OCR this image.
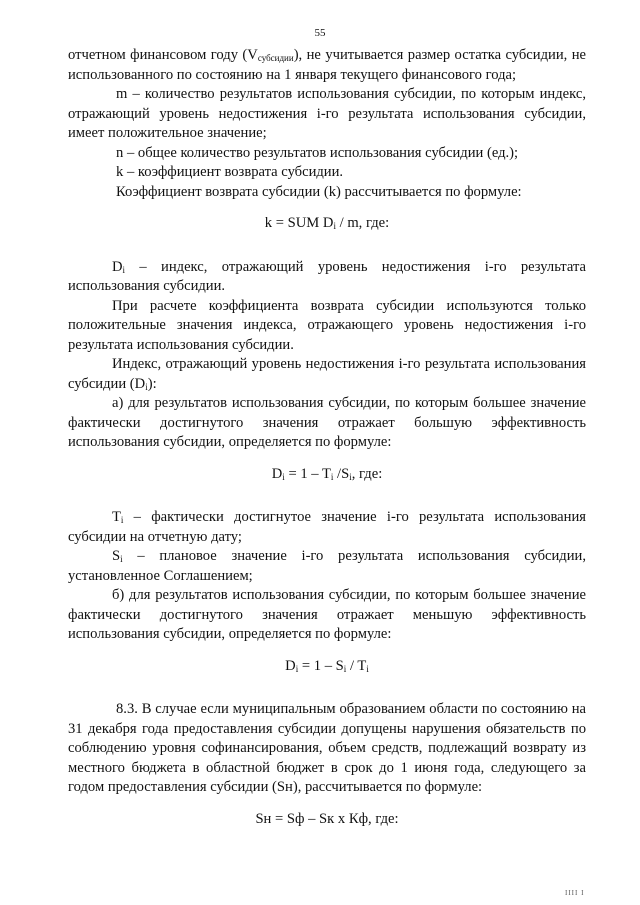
55

отчетном финансовом году $(V_{субсидии})$, не учитывается размер остатка субсидии, не использованного по состоянию на 1 января текущего финансового года;

m – количество результатов использования субсидии, по которым индекс, отражающий уровень недостижения i-го результата использования субсидии, имеет положительное значение;

n – общее количество результатов использования субсидии (ед.);

k – коэффициент возврата субсидии.

Коэффициент возврата субсидии (k) рассчитывается по формуле:

k = SUM $D_i$ / m, где:

$D_i$ – индекс, отражающий уровень недостижения i-го результата использования субсидии.

При расчете коэффициента возврата субсидии используются только положительные значения индекса, отражающего уровень недостижения i-го результата использования субсидии.

Индекс, отражающий уровень недостижения i-го результата использования субсидии $(D_i)$:

а) для результатов использования субсидии, по которым большее значение фактически достигнутого значения отражает большую эффективность использования субсидии, определяется по формуле:

$D_i = 1 - T_i$ $/S_i$, где:

$T_i$ – фактически достигнутое значение i-го результата использования субсидии на отчетную дату;

$S_i$ – плановое значение i-го результата использования субсидии, установленное Соглашением;

б) для результатов использования субсидии, по которым большее значение фактически достигнутого значения отражает меньшую эффективность использования субсидии, определяется по формуле:

$D_i = 1 - S_i / T_i$

8.3. В случае если муниципальным образованием области по состоянию на 31 декабря года предоставления субсидии допущены нарушения обязательств по соблюдению уровня софинансирования, объем средств, подлежащий возврату из местного бюджета в областной бюджет в срок до 1 июня года, следующего за годом предоставления субсидии (Sн), рассчитывается по формуле:

Sн = Sф – Sк х Кф, где:

ІІІІ І
